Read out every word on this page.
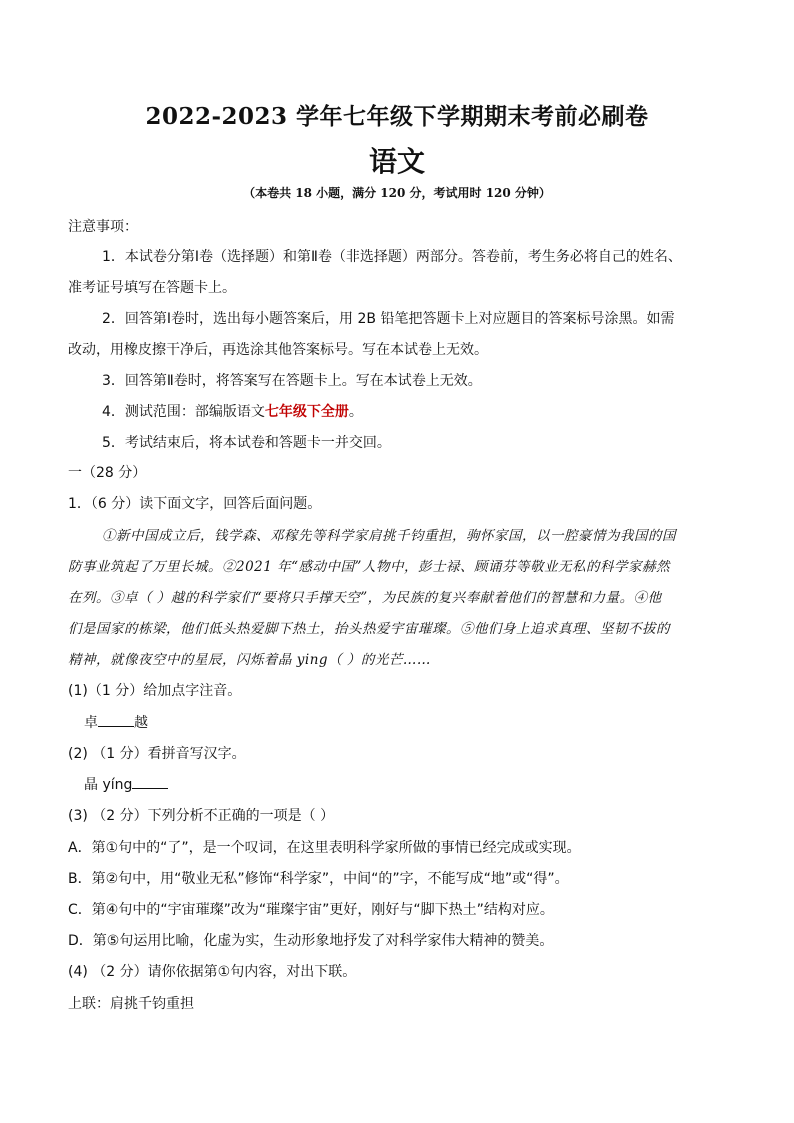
2022-2023 学年七年级下学期期末考前必刷卷
语文
（本卷共 18 小题，满分 120 分，考试用时 120 分钟）
注意事项：
1．本试卷分第Ⅰ卷（选择题）和第Ⅱ卷（非选择题）两部分。答卷前，考生务必将自己的姓名、
准考证号填写在答题卡上。
2．回答第Ⅰ卷时，选出每小题答案后，用 2B 铅笔把答题卡上对应题目的答案标号涂黑。如需
改动，用橡皮擦干净后，再选涂其他答案标号。写在本试卷上无效。
3．回答第Ⅱ卷时，将答案写在答题卡上。写在本试卷上无效。
4．测试范围：部编版语文七年级下全册。
5．考试结束后，将本试卷和答题卡一并交回。
一（28 分）
1．（6 分）读下面文字，回答后面问题。
①新中国成立后，钱学森、邓稼先等科学家肩挑千钧重担，驹怀家国，以一腔豪情为我国的国
防事业筑起了万里长城。②2021 年“感动中国”人物中，彭士禄、顾诵芬等敬业无私的科学家赫然
在列。③卓（ ）越的科学家们“要将只手撑天空”，为民族的复兴奉献着他们的智慧和力量。④他
们是国家的栋梁，他们低头热爱脚下热土，抬头热爱宇宙璀璨。⑤他们身上追求真理、坚韧不拔的
精神，就像夜空中的星辰，闪烁着晶 ying（ ）的光芒……
(1)（1 分）给加点字注音。
卓	越
(2) （1 分）看拼音写汉字。
晶 yíng
(3) （2 分）下列分析不正确的一项是（ ）
A．第①句中的“了”，是一个叹词，在这里表明科学家所做的事情已经完成或实现。
B．第②句中，用“敬业无私”修饰“科学家”，中间“的”字，不能写成“地”或“得”。
C．第④句中的“宇宙璀璨”改为“璀璨宇宙”更好，刚好与“脚下热土”结构对应。
D．第⑤句运用比喻，化虚为实，生动形象地抒发了对科学家伟大精神的赞美。
(4) （2 分）请你依据第①句内容，对出下联。
上联：肩挑千钧重担
